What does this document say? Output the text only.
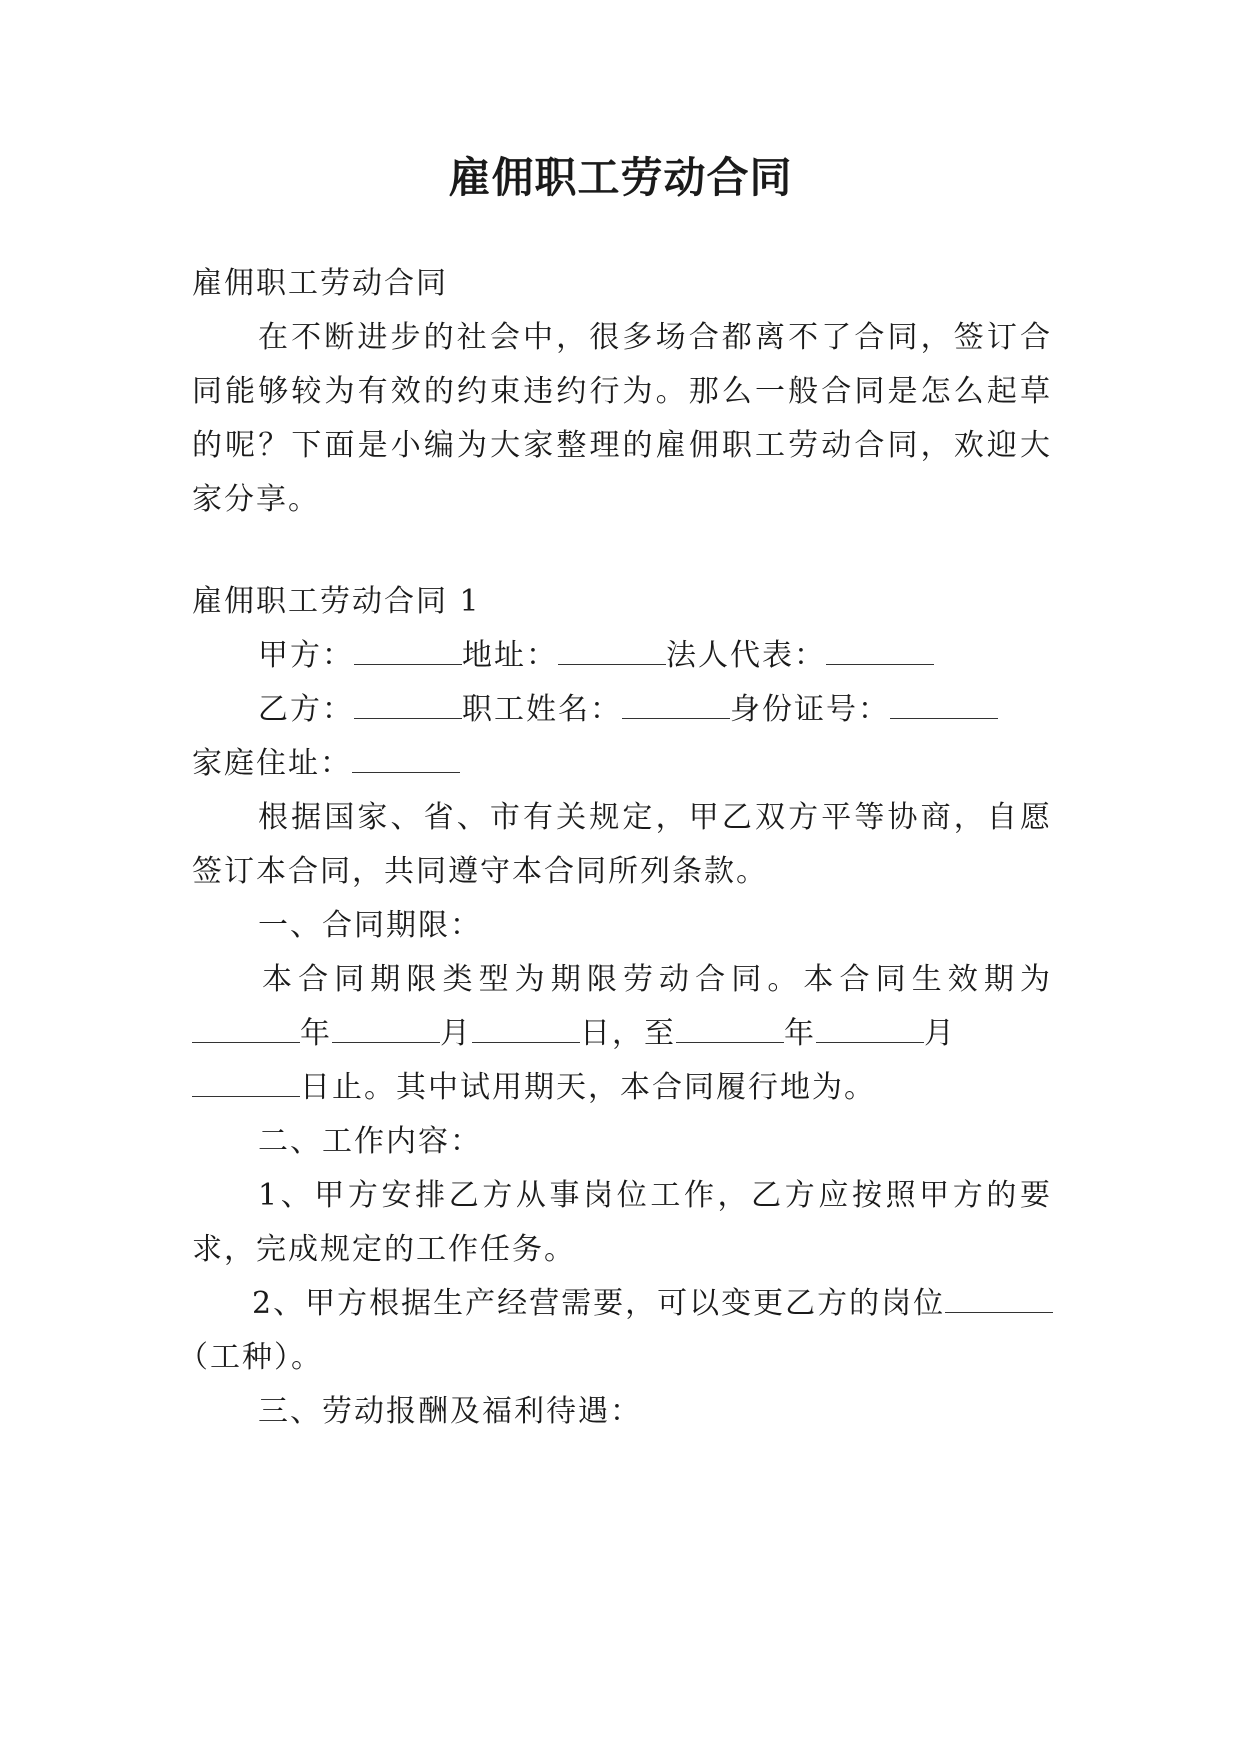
雇佣职工劳动合同
雇佣职工劳动合同
在不断进步的社会中，很多场合都离不了合同，签订合
同能够较为有效的约束违约行为。那么一般合同是怎么起草
的呢？下面是小编为大家整理的雇佣职工劳动合同，欢迎大
家分享。
雇佣职工劳动合同 1
甲方：	地址：	法人代表：
乙方：	职工姓名：	身份证号：
家庭住址：
根据国家、省、市有关规定，甲乙双方平等协商，自愿
签订本合同，共同遵守本合同所列条款。
一、合同期限：
本合同期限类型为期限劳动合同。本合同生效期为
年	月	日，至	年	月
日止。其中试用期天，本合同履行地为。
二、工作内容：
1、甲方安排乙方从事岗位工作，乙方应按照甲方的要
求，完成规定的工作任务。
2、甲方根据生产经营需要，可以变更乙方的岗位
（工种）。
三、劳动报酬及福利待遇：
